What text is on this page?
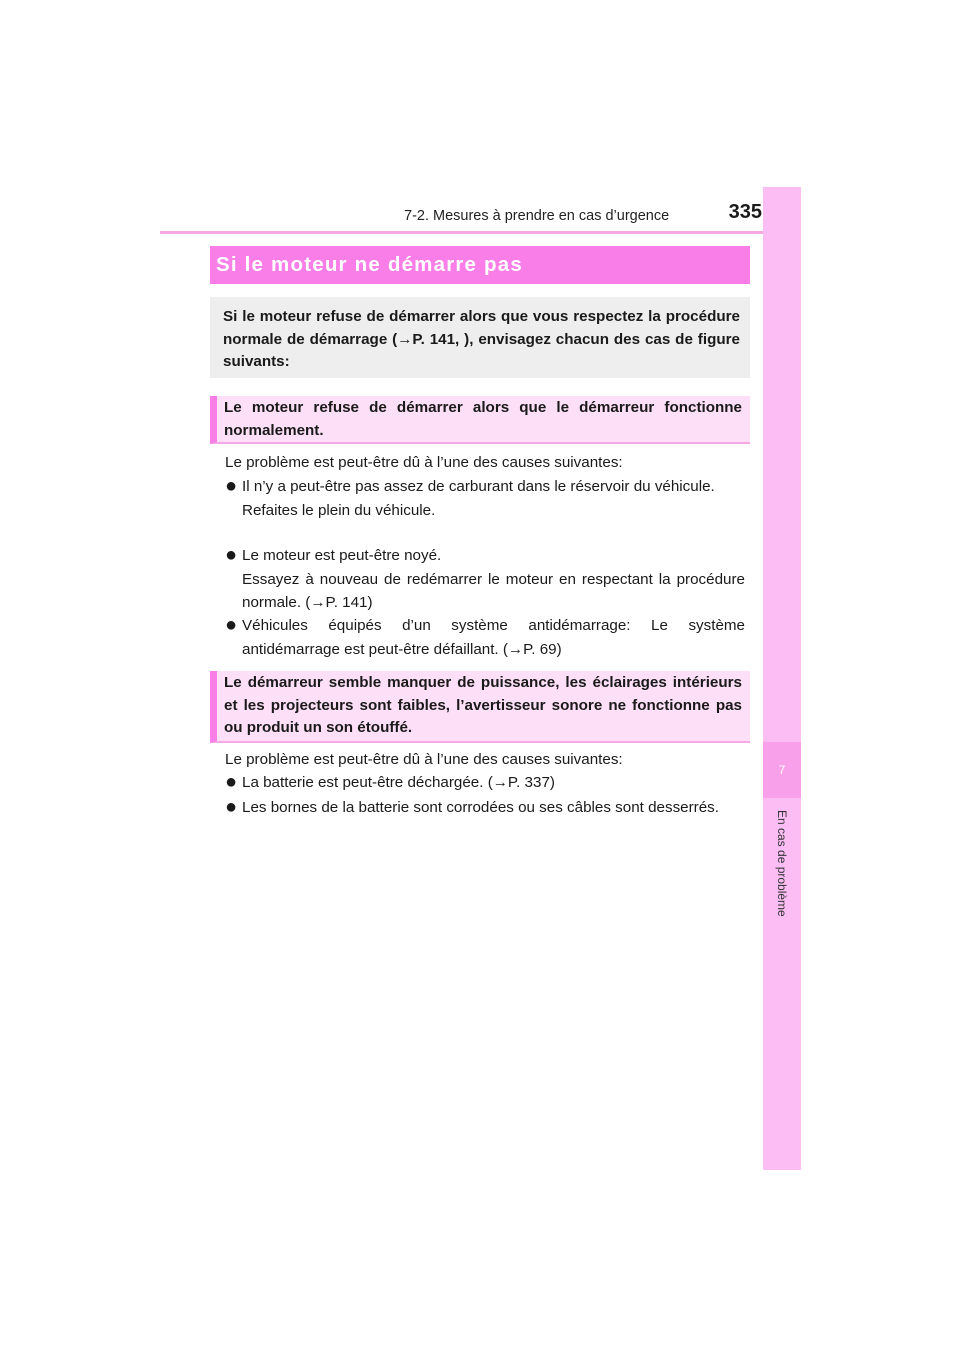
7-2. Mesures à prendre en cas d’urgence	335
7
En cas de problème
Si le moteur ne démarre pas
Si le moteur refuse de démarrer alors que vous respectez la procédure normale de démarrage (→P. 141, ), envisagez chacun des cas de figure suivants:
Le moteur refuse de démarrer alors que le démarreur fonctionne normalement.
Le problème est peut-être dû à l’une des causes suivantes:
● Il n’y a peut-être pas assez de carburant dans le réservoir du véhicule.
Refaites le plein du véhicule.
● Le moteur est peut-être noyé.
Essayez à nouveau de redémarrer le moteur en respectant la procédure normale. (→P. 141)
● Véhicules équipés d’un système antidémarrage: Le système antidémarrage est peut-être défaillant. (→P. 69)
Le démarreur semble manquer de puissance, les éclairages intérieurs et les projecteurs sont faibles, l’avertisseur sonore ne fonctionne pas ou produit un son étouffé.
Le problème est peut-être dû à l’une des causes suivantes:
● La batterie est peut-être déchargée. (→P. 337)
● Les bornes de la batterie sont corrodées ou ses câbles sont desserrés.
